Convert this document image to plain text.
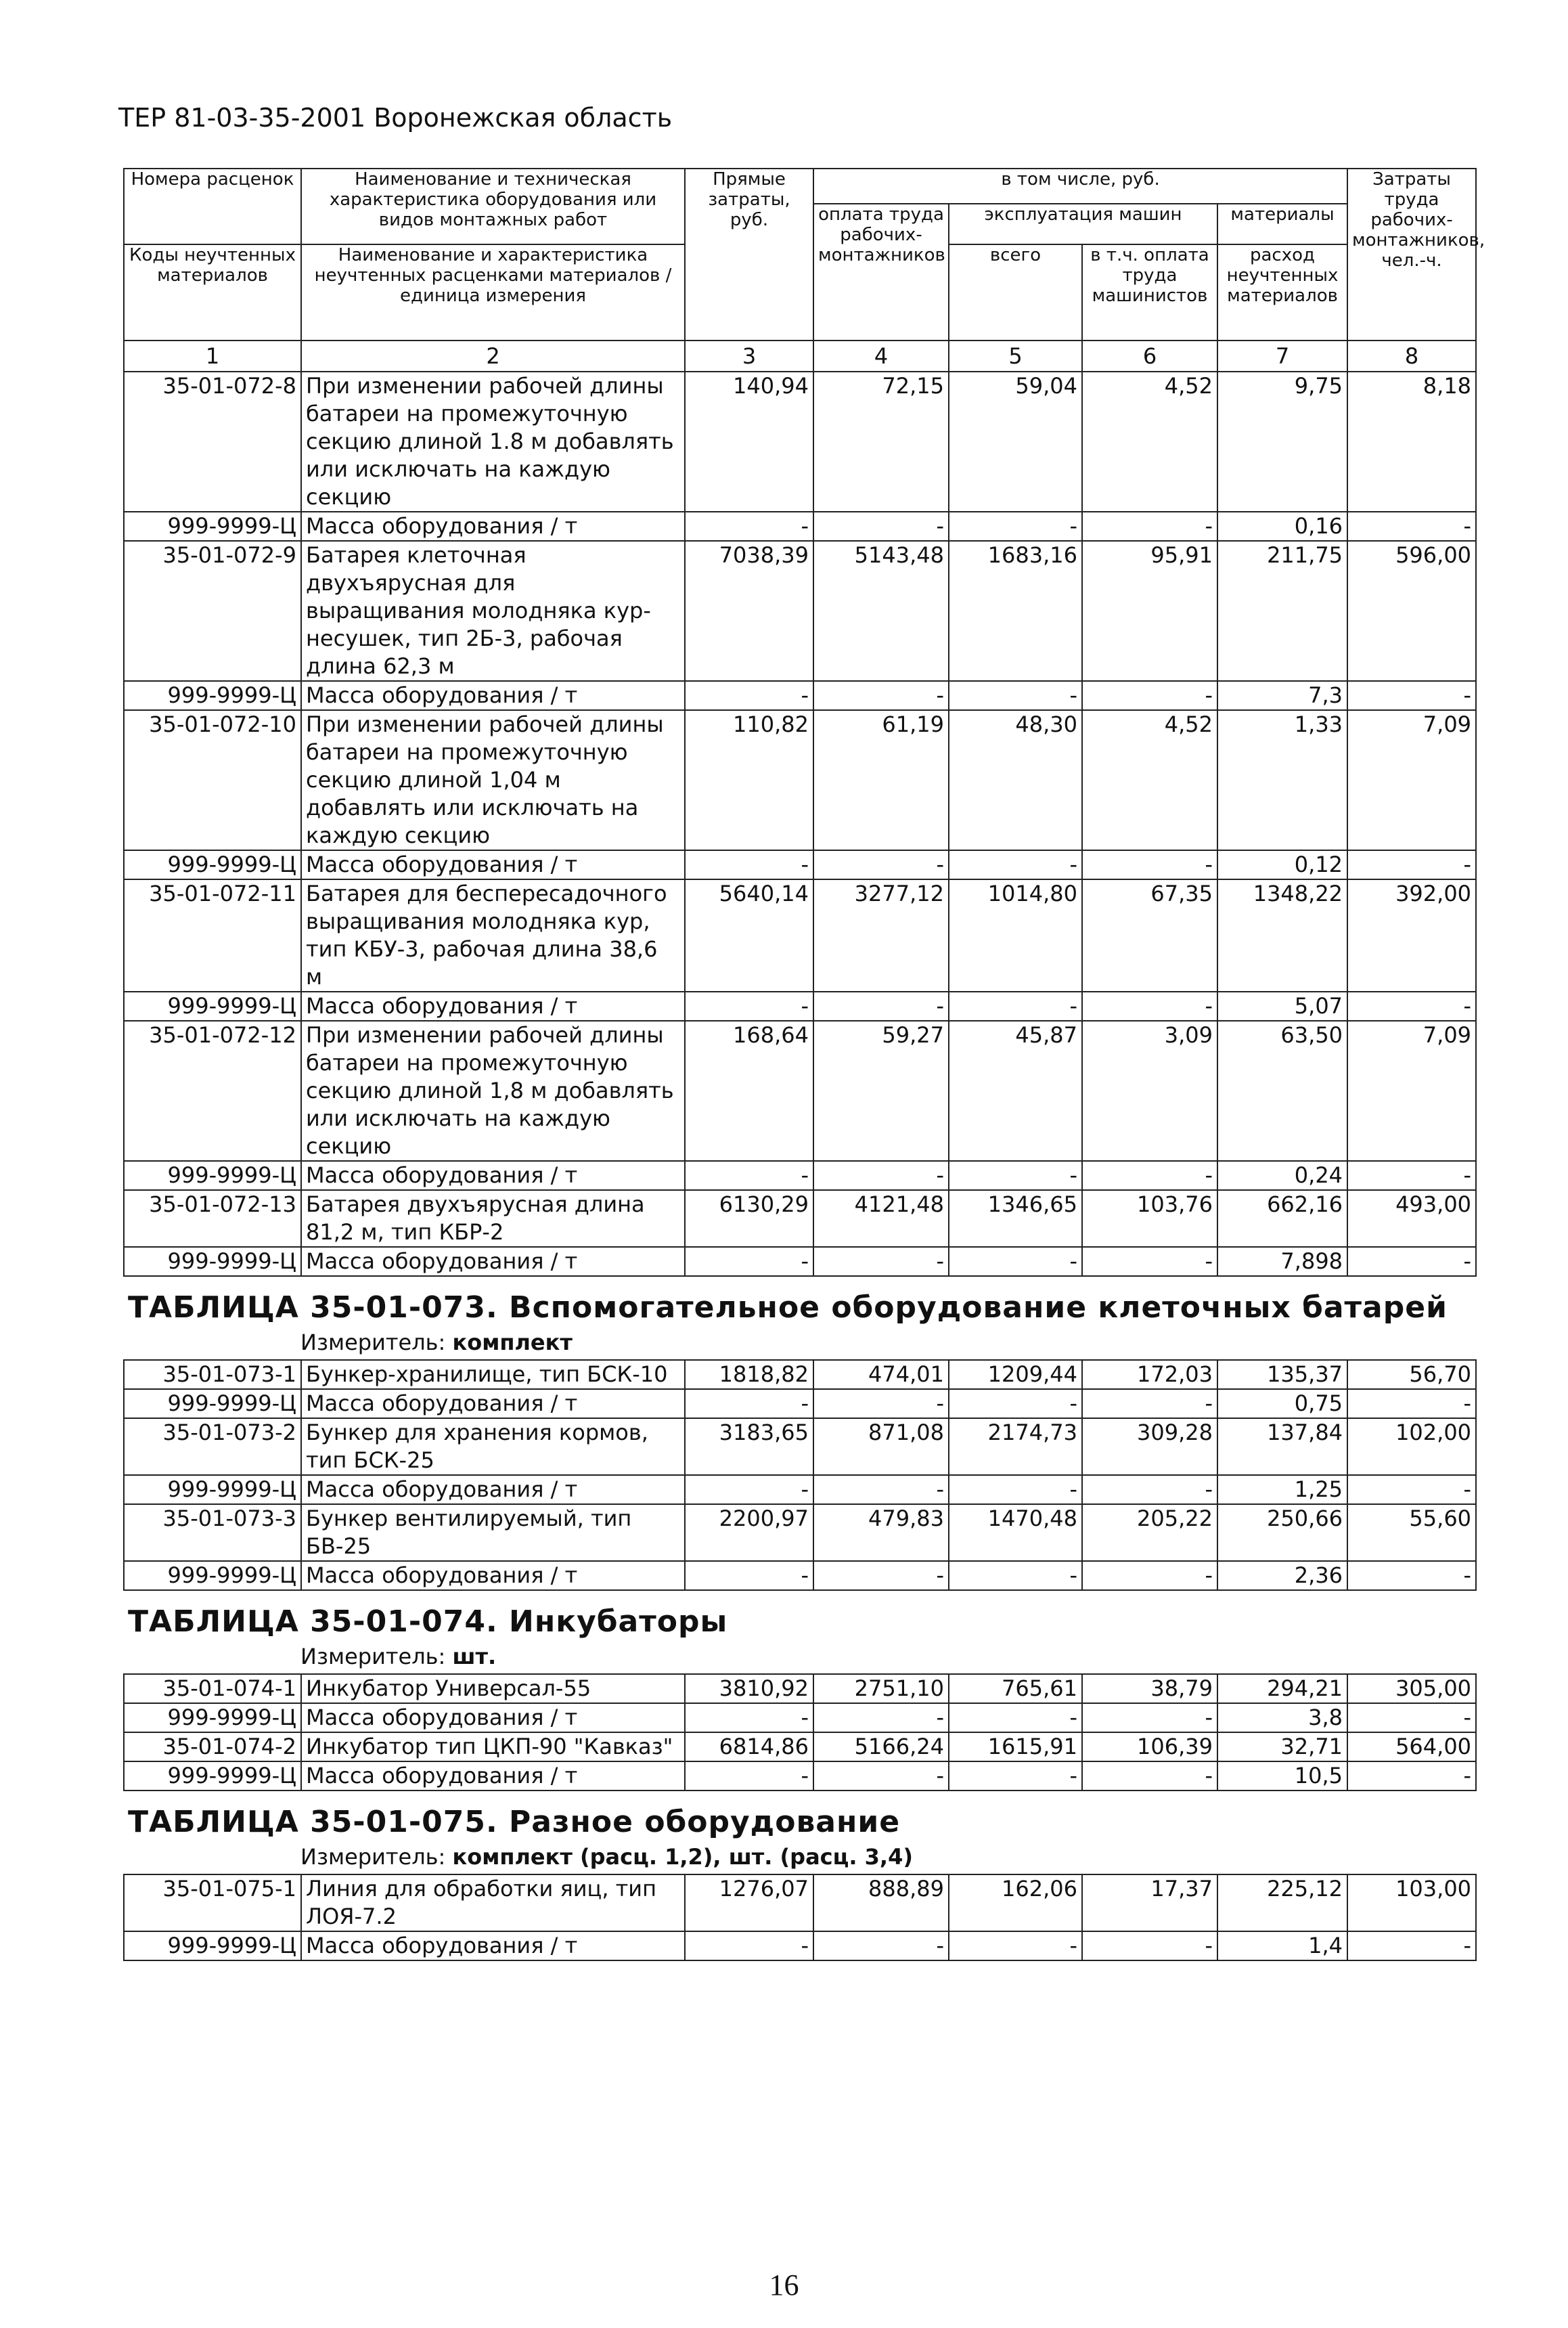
ТЕР 81-03-35-2001 Воронежская область
Номера расценок	Наименование и техническая характеристика оборудования или видов монтажных работ	Прямые затраты, руб.	в том числе, руб.				Затраты труда рабочих-монтажников, чел.-ч.
			оплата труда рабочих-монтажников	эксплуатация машин		материалы	
Коды неучтенных материалов	Наименование и характеристика неучтенных расценками материалов / единица измерения			всего	в т.ч. оплата труда машинистов	расход неучтенных материалов	
1	2	3	4	5	6	7	8
35-01-072-8	При изменении рабочей длины батареи на промежуточную секцию длиной 1.8 м добавлять или исключать на каждую секцию	140,94	72,15	59,04	4,52	9,75	8,18
999-9999-Ц	Масса оборудования / т	-	-	-	-	0,16	-
35-01-072-9	Батарея клеточная двухъярусная для выращивания молодняка кур-несушек, тип 2Б-3, рабочая длина 62,3 м	7038,39	5143,48	1683,16	95,91	211,75	596,00
999-9999-Ц	Масса оборудования / т	-	-	-	-	7,3	-
35-01-072-10	При изменении рабочей длины батареи на промежуточную секцию длиной 1,04 м добавлять или исключать на каждую секцию	110,82	61,19	48,30	4,52	1,33	7,09
999-9999-Ц	Масса оборудования / т	-	-	-	-	0,12	-
35-01-072-11	Батарея для беспересадочного выращивания молодняка кур, тип КБУ-3, рабочая длина 38,6 м	5640,14	3277,12	1014,80	67,35	1348,22	392,00
999-9999-Ц	Масса оборудования / т	-	-	-	-	5,07	-
35-01-072-12	При изменении рабочей длины батареи на промежуточную секцию длиной 1,8 м добавлять или исключать на каждую секцию	168,64	59,27	45,87	3,09	63,50	7,09
999-9999-Ц	Масса оборудования / т	-	-	-	-	0,24	-
35-01-072-13	Батарея двухъярусная длина 81,2 м, тип КБР-2	6130,29	4121,48	1346,65	103,76	662,16	493,00
999-9999-Ц	Масса оборудования / т	-	-	-	-	7,898	-

ТАБЛИЦА 35-01-073. Вспомогательное оборудование клеточных батарей
Измеритель: комплект							

35-01-073-1	Бункер-хранилище, тип БСК-10	1818,82	474,01	1209,44	172,03	135,37	56,70
999-9999-Ц	Масса оборудования / т	-	-	-	-	0,75	-
35-01-073-2	Бункер для хранения кормов, тип БСК-25	3183,65	871,08	2174,73	309,28	137,84	102,00
999-9999-Ц	Масса оборудования / т	-	-	-	-	1,25	-
35-01-073-3	Бункер вентилируемый, тип БВ-25	2200,97	479,83	1470,48	205,22	250,66	55,60
999-9999-Ц	Масса оборудования / т	-	-	-	-	2,36	-

ТАБЛИЦА 35-01-074. Инкубаторы
Измеритель: шт.							

35-01-074-1	Инкубатор Универсал-55	3810,92	2751,10	765,61	38,79	294,21	305,00
999-9999-Ц	Масса оборудования / т	-	-	-	-	3,8	-
35-01-074-2	Инкубатор тип ЦКП-90 "Кавказ"	6814,86	5166,24	1615,91	106,39	32,71	564,00
999-9999-Ц	Масса оборудования / т	-	-	-	-	10,5	-

ТАБЛИЦА 35-01-075. Разное оборудование
Измеритель: комплект (расц. 1,2), шт. (расц. 3,4)							

35-01-075-1	Линия для обработки яиц, тип ЛОЯ-7.2	1276,07	888,89	162,06	17,37	225,12	103,00
999-9999-Ц	Масса оборудования / т	-	-	-	-	1,4	-
16
